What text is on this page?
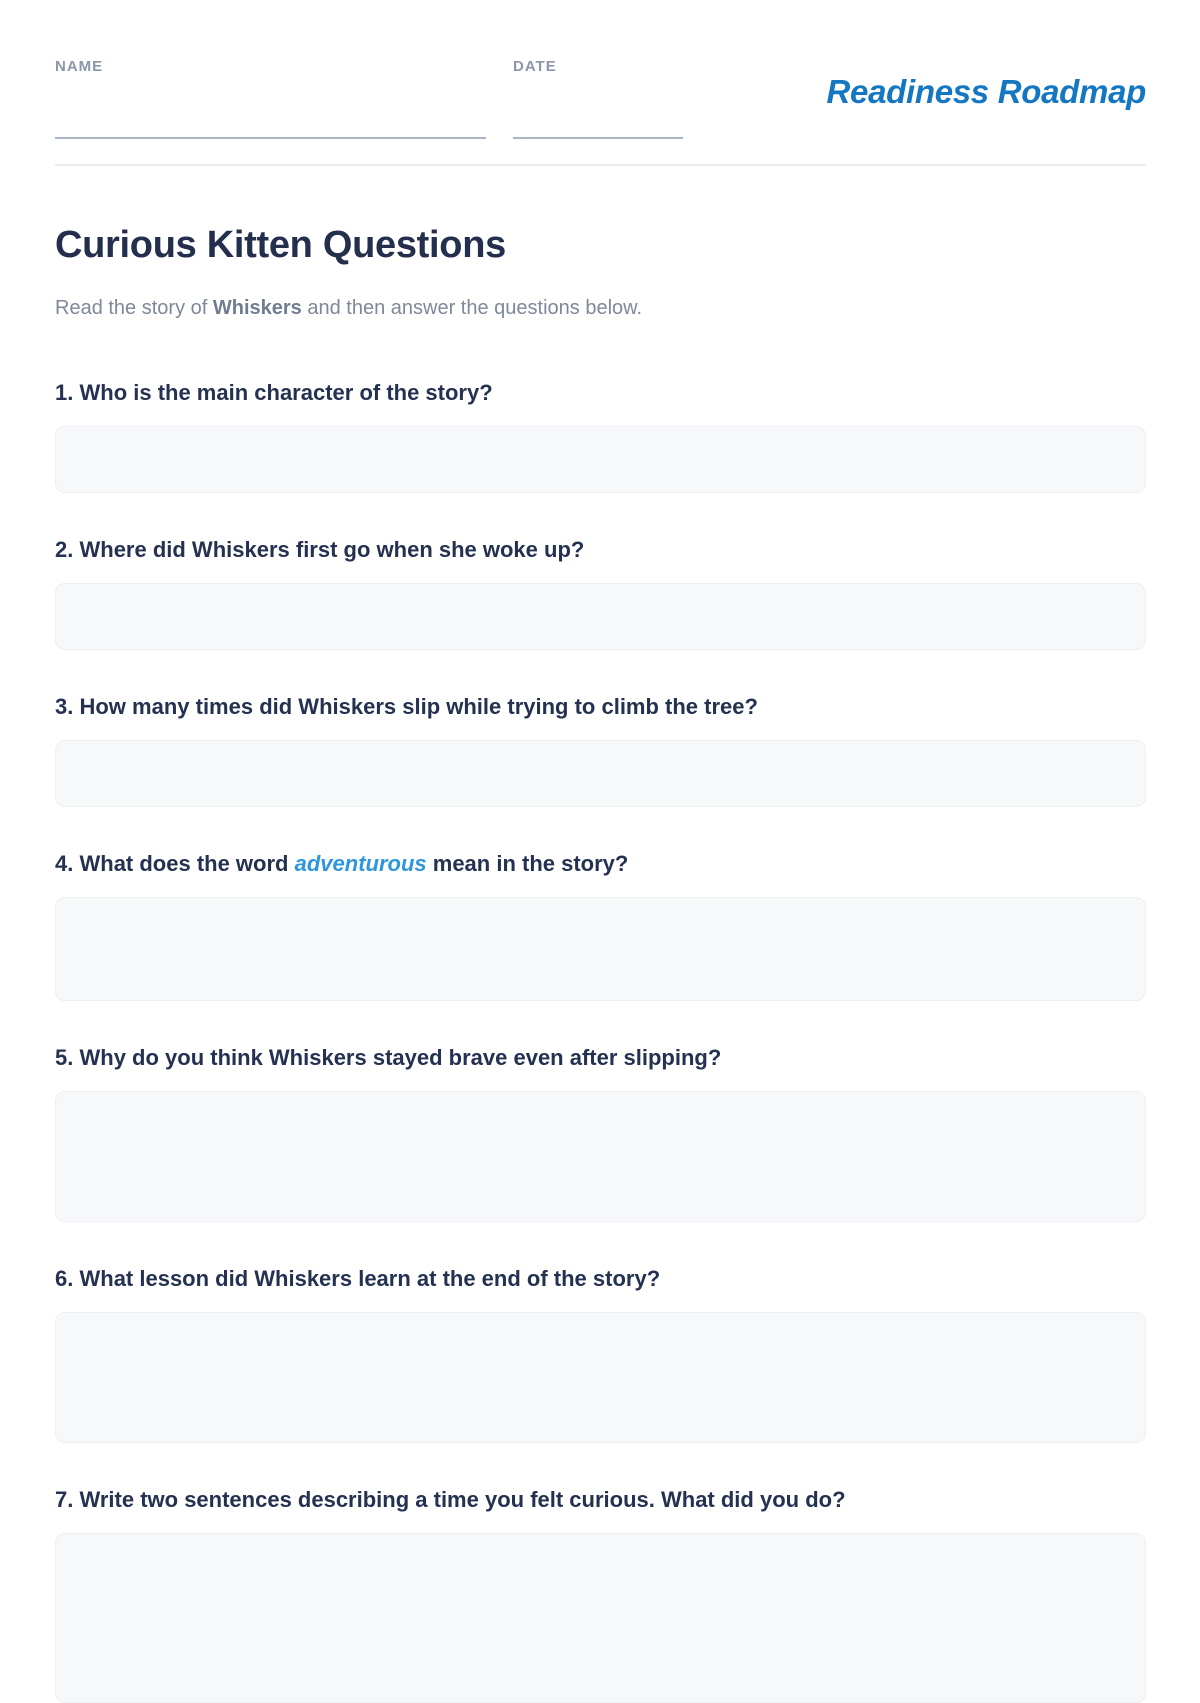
NAME	DATE
Readiness Roadmap
Curious Kitten Questions

Read the story of Whiskers and then answer the questions below.

1. Who is the main character of the story?
2. Where did Whiskers first go when she woke up?
3. How many times did Whiskers slip while trying to climb the tree?
4. What does the word adventurous mean in the story?
5. Why do you think Whiskers stayed brave even after slipping?
6. What lesson did Whiskers learn at the end of the story?
7. Write two sentences describing a time you felt curious. What did you do?
